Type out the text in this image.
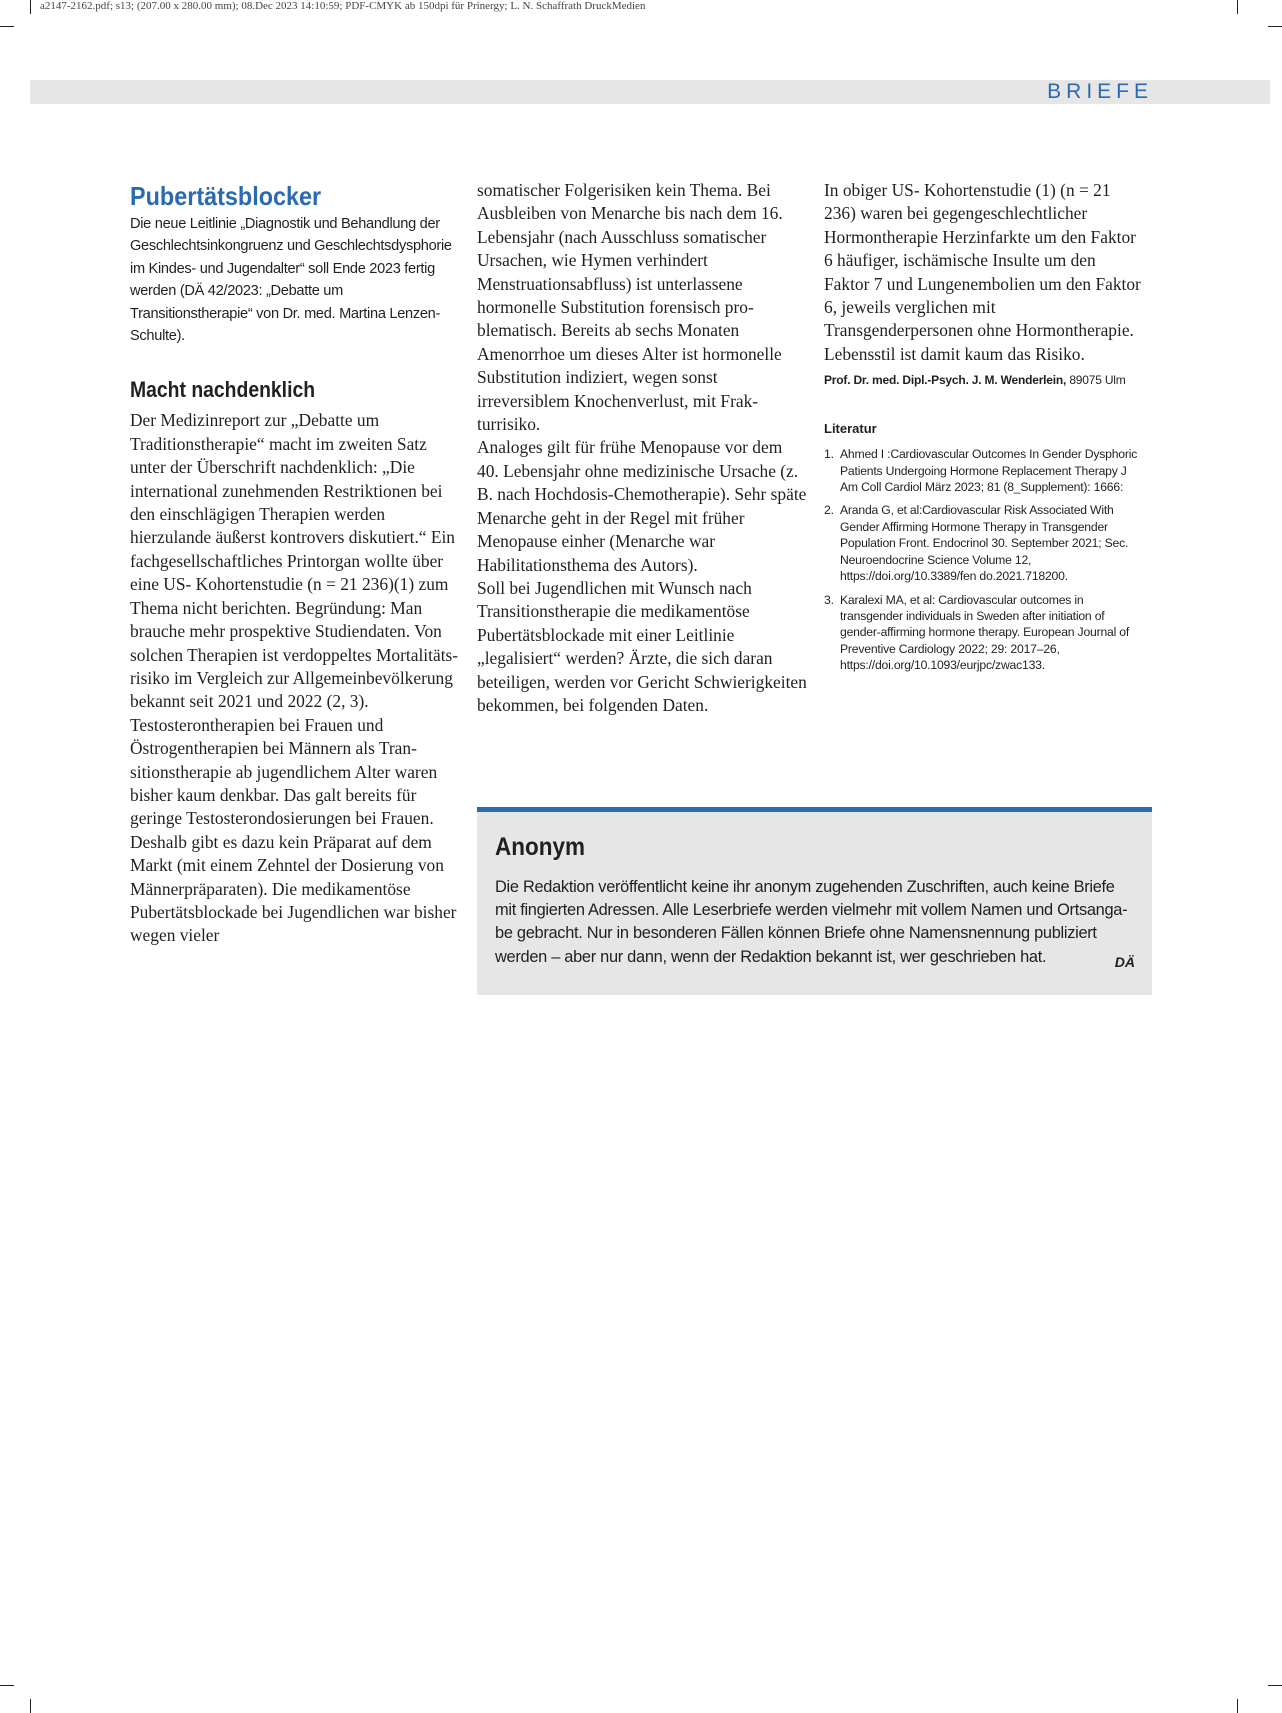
a2147-2162.pdf; s13; (207.00 x 280.00 mm); 08.Dec 2023 14:10:59; PDF-CMYK ab 150dpi für Prinergy; L. N. Schaffrath DruckMedien
BRIEFE
Pubertätsblocker

Die neue Leitlinie „Diagnostik und Behandlung der Geschlechtsinkongruenz und Geschlechtsdysphorie im Kindes- und Jugendalter“ soll Ende 2023 fertig werden (DÄ 42/2023: „Debatte um Transitionstherapie“ von Dr. med. Martina Lenzen-Schulte).

Macht nachdenklich

Der Medizinreport zur „Debatte um Traditionstherapie“ macht im zweiten Satz unter der Überschrift nachdenklich: „Die international zunehmenden Restriktionen bei den einschlägigen Therapien werden hierzulande äußerst kontrovers diskutiert.“ Ein fachgesellschaftliches Printorgan wollte über eine US- Kohortenstudie (n = 21 236)(1) zum Thema nicht berichten. Begründung: Man brauche mehr prospektive Studiendaten. Von solchen Therapien ist verdoppeltes Mortalitätsrisiko im Vergleich zur Allgemeinbevölkerung bekannt seit 2021 und 2022 (2, 3).

Testosterontherapien bei Frauen und Östrogentherapien bei Männern als Transitionstherapie ab jugendlichem Alter waren bisher kaum denkbar. Das galt bereits für geringe Testosterondosierungen bei Frauen. Deshalb gibt es dazu kein Präparat auf dem Markt (mit einem Zehntel der Dosierung von Männerpräparaten). Die medikamentöse Pubertätsblockade bei Jugendlichen war bisher wegen vieler

somatischer Folgerisiken kein Thema. Bei Ausbleiben von Menarche bis nach dem 16. Lebensjahr (nach Ausschluss somatischer Ursachen, wie Hymen verhindert Menstruationsabfluss) ist unterlassene hormonelle Substitution forensisch problematisch. Bereits ab sechs Monaten Amenorrhoe um dieses Alter ist hormonelle Substitution indiziert, wegen sonst irreversiblem Knochenverlust, mit Frakturrisiko.

Analoges gilt für frühe Menopause vor dem 40. Lebensjahr ohne medizinische Ursache (z. B. nach Hochdosis-Chemotherapie). Sehr späte Menarche geht in der Regel mit früher Menopause einher (Menarche war Habilitationsthema des Autors).

Soll bei Jugendlichen mit Wunsch nach Transitionstherapie die medikamentöse Pubertätsblockade mit einer Leitlinie „legalisiert“ werden? Ärzte, die sich daran beteiligen, werden vor Gericht Schwierigkeiten bekommen, bei folgenden Daten.

In obiger US- Kohortenstudie (1) (n = 21 236) waren bei gegengeschlechtlicher Hormontherapie Herzinfarkte um den Faktor 6 häufiger, ischämische Insulte um den Faktor 7 und Lungenembolien um den Faktor 6, jeweils verglichen mit Transgenderpersonen ohne Hormontherapie. Lebensstil ist damit kaum das Risiko.

Prof. Dr. med. Dipl.-Psych. J. M. Wenderlein, 89075 Ulm

Literatur
1. Ahmed I :Cardiovascular Outcomes In Gender Dysphoric Patients Undergoing Hormone Replacement Therapy J Am Coll Cardiol März 2023; 81 (8_Supplement): 1666:
2. Aranda G, et al:Cardiovascular Risk Associated With Gender Affirming Hormone Therapy in Transgender Population Front. Endocrinol 30. September 2021; Sec. Neuroendocrine Science Volume 12, https://doi.org/10.3389/fen do.2021.718200.
3. Karalexi MA, et al: Cardiovascular outcomes in transgender individuals in Sweden after initiation of gender-affirming hormone therapy. European Journal of Preventive Cardiology 2022; 29: 2017–26, https://doi.org/10.1093/eurjpc/zwac133.
Anonym

Die Redaktion veröffentlicht keine ihr anonym zugehenden Zuschriften, auch keine Briefe mit fingierten Adressen. Alle Leserbriefe werden vielmehr mit vollem Namen und Ortsangabe gebracht. Nur in besonderen Fällen können Briefe ohne Namensnennung publiziert werden – aber nur dann, wenn der Redaktion bekannt ist, wer geschrieben hat.	DÄ
